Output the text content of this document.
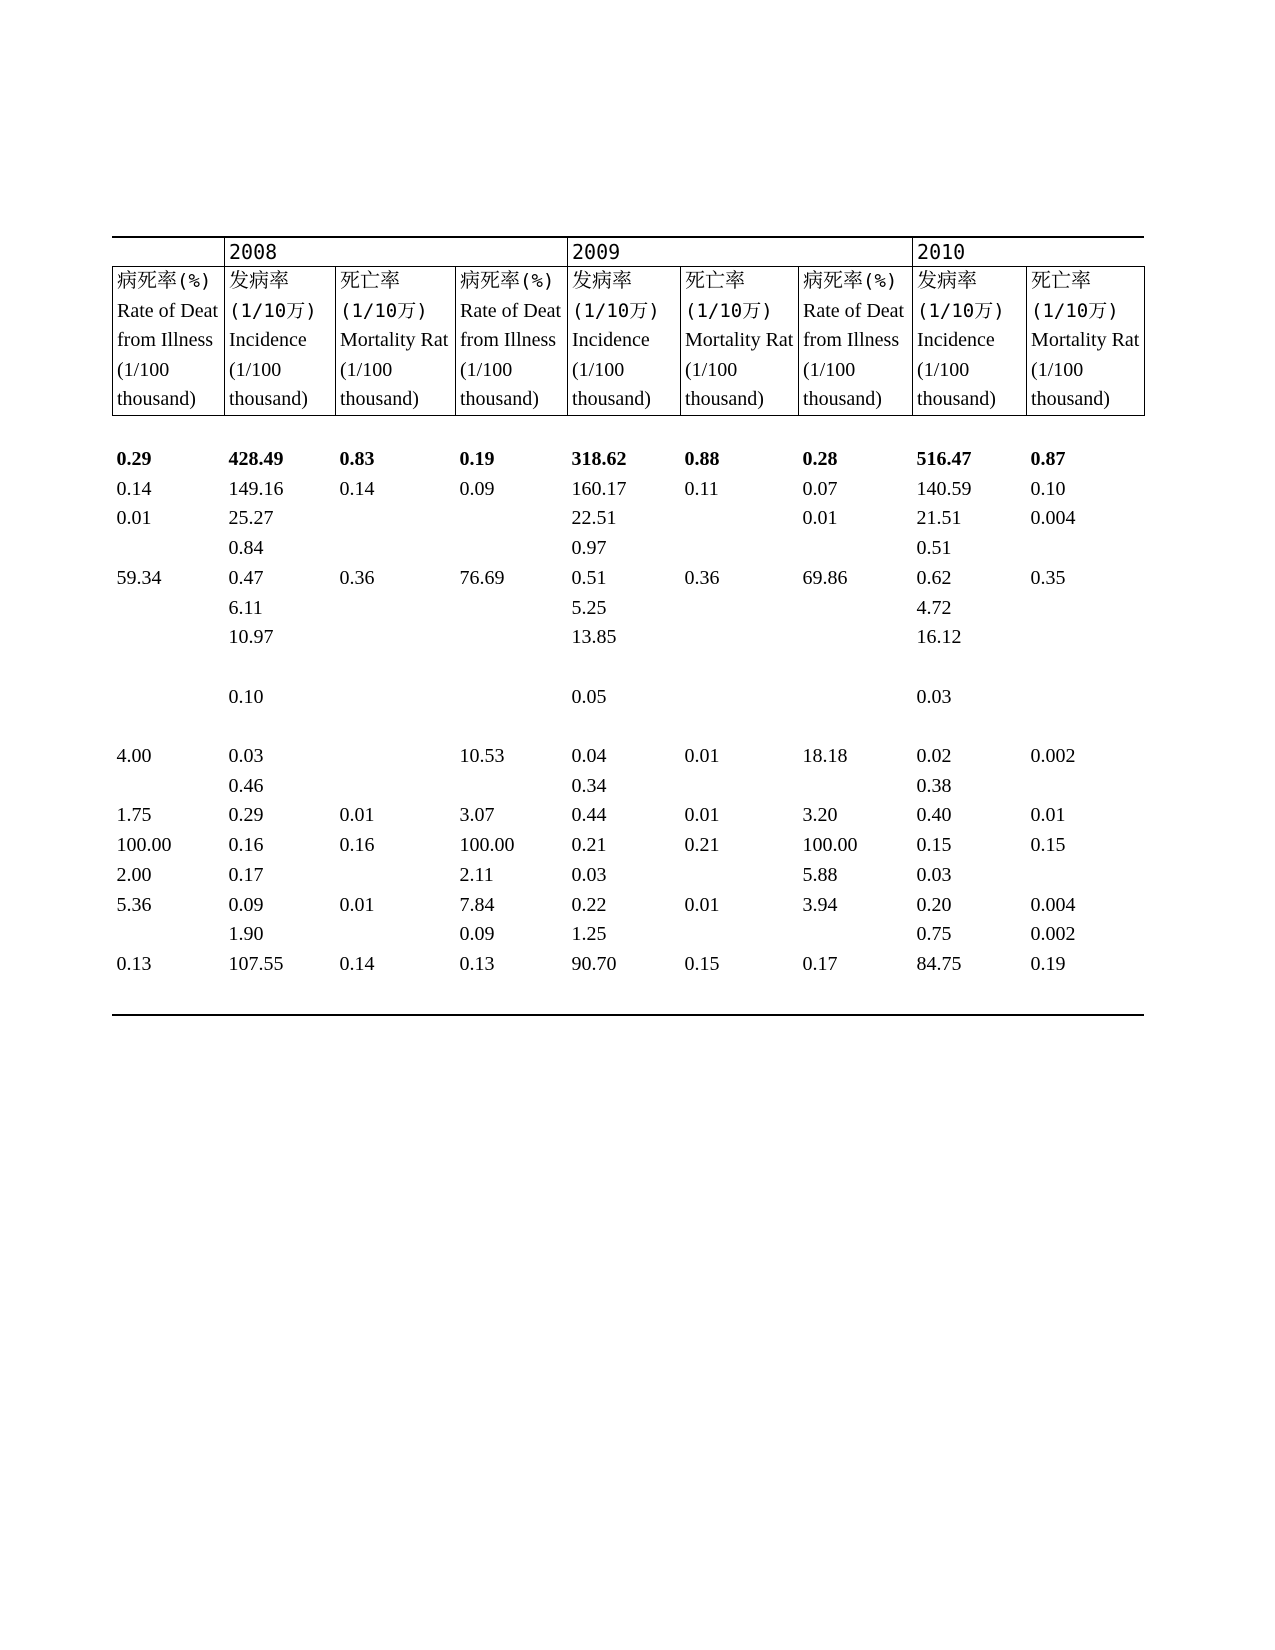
	2008			2009			2010	

病死率(%)
Rate of Deat
from Illness
(1/100
thousand)	发病率
(1/10万)
Incidence
(1/100
thousand)	死亡率
(1/10万)
Mortality Rat
(1/100
thousand)	病死率(%)
Rate of Deat
from Illness
(1/100
thousand)	发病率
(1/10万)
Incidence
(1/100
thousand)	死亡率
(1/10万)
Mortality Rat
(1/100
thousand)	病死率(%)
Rate of Deat
from Illness
(1/100
thousand)	发病率
(1/10万)
Incidence
(1/100
thousand)	死亡率
(1/10万)
Mortality Rat
(1/100
thousand)

0.29	428.49	0.83	0.19	318.62	0.88	0.28	516.47	0.87
0.14	149.16	0.14	0.09	160.17	0.11	0.07	140.59	0.10
0.01	25.27			22.51		0.01	21.51	0.004
	0.84			0.97			0.51	
59.34	0.47	0.36	76.69	0.51	0.36	69.86	0.62	0.35
	6.11			5.25			4.72	
	10.97			13.85			16.12	

	0.10			0.05			0.03	

4.00	0.03		10.53	0.04	0.01	18.18	0.02	0.002
	0.46			0.34			0.38	
1.75	0.29	0.01	3.07	0.44	0.01	3.20	0.40	0.01
100.00	0.16	0.16	100.00	0.21	0.21	100.00	0.15	0.15
2.00	0.17		2.11	0.03		5.88	0.03	
5.36	0.09	0.01	7.84	0.22	0.01	3.94	0.20	0.004
	1.90		0.09	1.25			0.75	0.002
0.13	107.55	0.14	0.13	90.70	0.15	0.17	84.75	0.19
